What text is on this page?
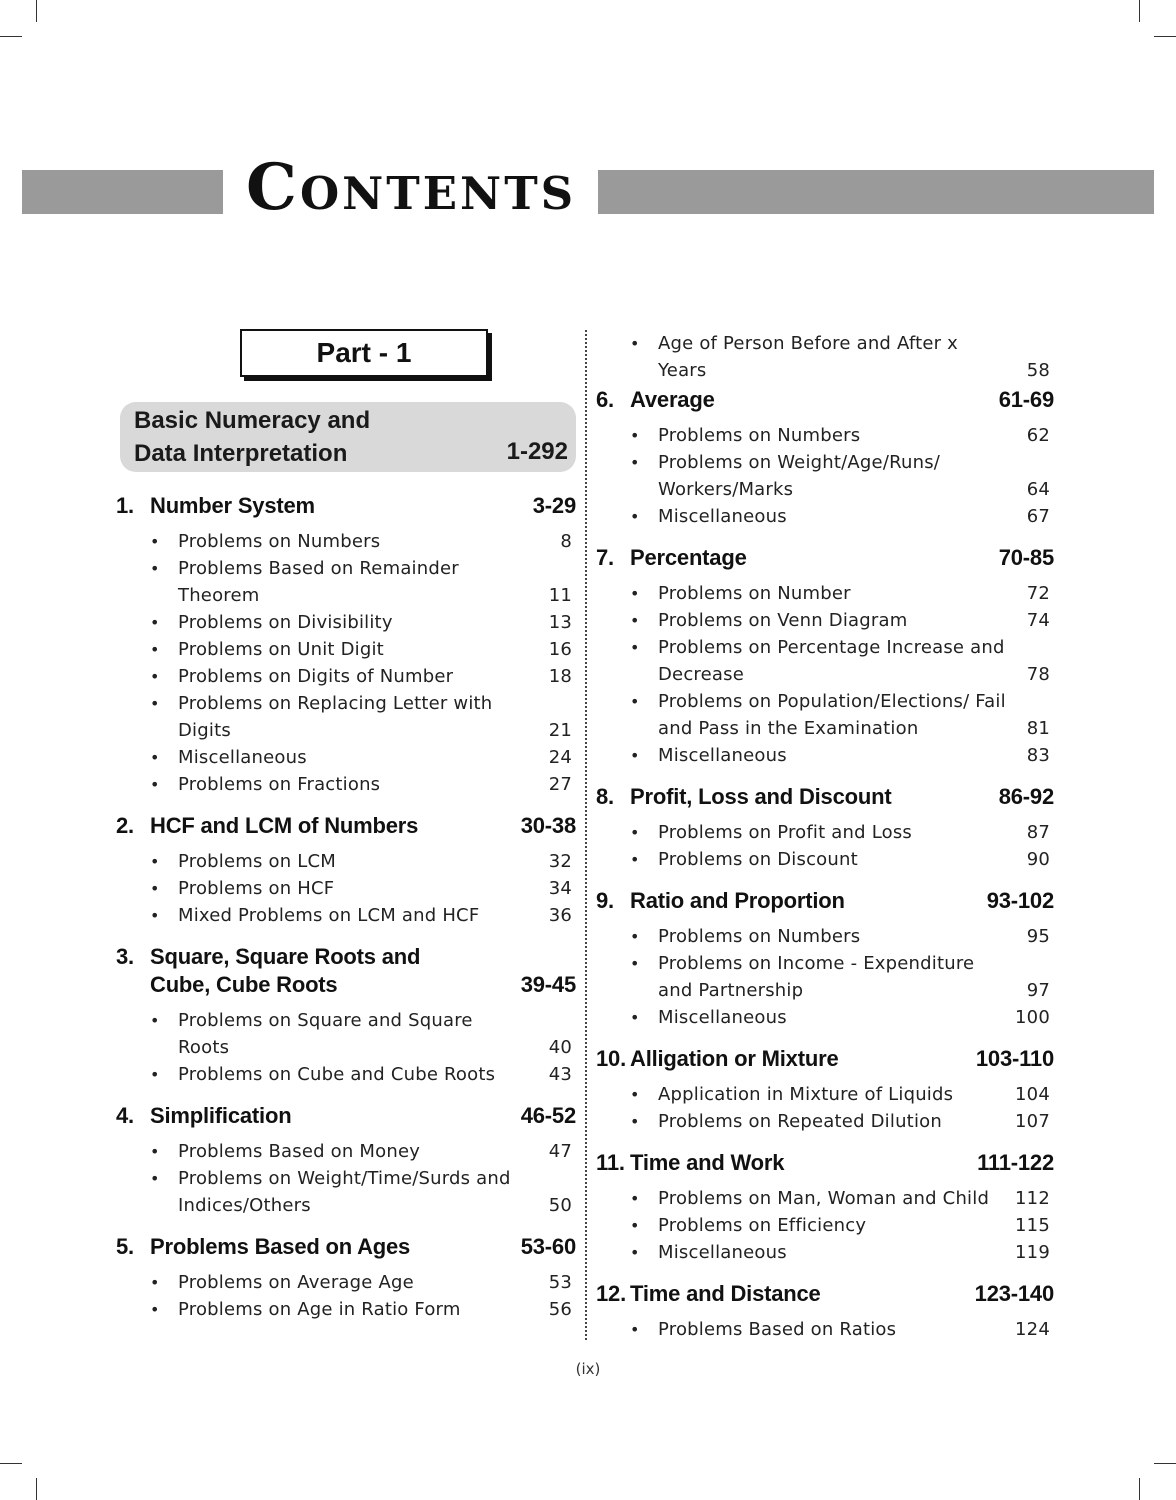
Contents
Part - 1
Basic Numeracy and Data Interpretation	1-292
1. Number System	3-29
• Problems on Numbers	8
• Problems Based on Remainder Theorem	11
• Problems on Divisibility	13
• Problems on Unit Digit	16
• Problems on Digits of Number	18
• Problems on Replacing Letter with Digits	21
• Miscellaneous	24
• Problems on Fractions	27
2. HCF and LCM of Numbers	30-38
• Problems on LCM	32
• Problems on HCF	34
• Mixed Problems on LCM and HCF	36
3. Square, Square Roots and Cube, Cube Roots	39-45
• Problems on Square and Square Roots	40
• Problems on Cube and Cube Roots	43
4. Simplification	46-52
• Problems Based on Money	47
• Problems on Weight/Time/Surds and Indices/Others	50
5. Problems Based on Ages	53-60
• Problems on Average Age	53
• Problems on Age in Ratio Form	56
• Age of Person Before and After x Years	58
6. Average	61-69
• Problems on Numbers	62
• Problems on Weight/Age/Runs/ Workers/Marks	64
• Miscellaneous	67
7. Percentage	70-85
• Problems on Number	72
• Problems on Venn Diagram	74
• Problems on Percentage Increase and Decrease	78
• Problems on Population/Elections/ Fail and Pass in the Examination	81
• Miscellaneous	83
8. Profit, Loss and Discount	86-92
• Problems on Profit and Loss	87
• Problems on Discount	90
9. Ratio and Proportion	93-102
• Problems on Numbers	95
• Problems on Income - Expenditure and Partnership	97
• Miscellaneous	100
10. Alligation or Mixture	103-110
• Application in Mixture of Liquids	104
• Problems on Repeated Dilution	107
11. Time and Work	111-122
• Problems on Man, Woman and Child 112
• Problems on Efficiency	115
• Miscellaneous	119
12. Time and Distance	123-140
• Problems Based on Ratios	124
(ix)
